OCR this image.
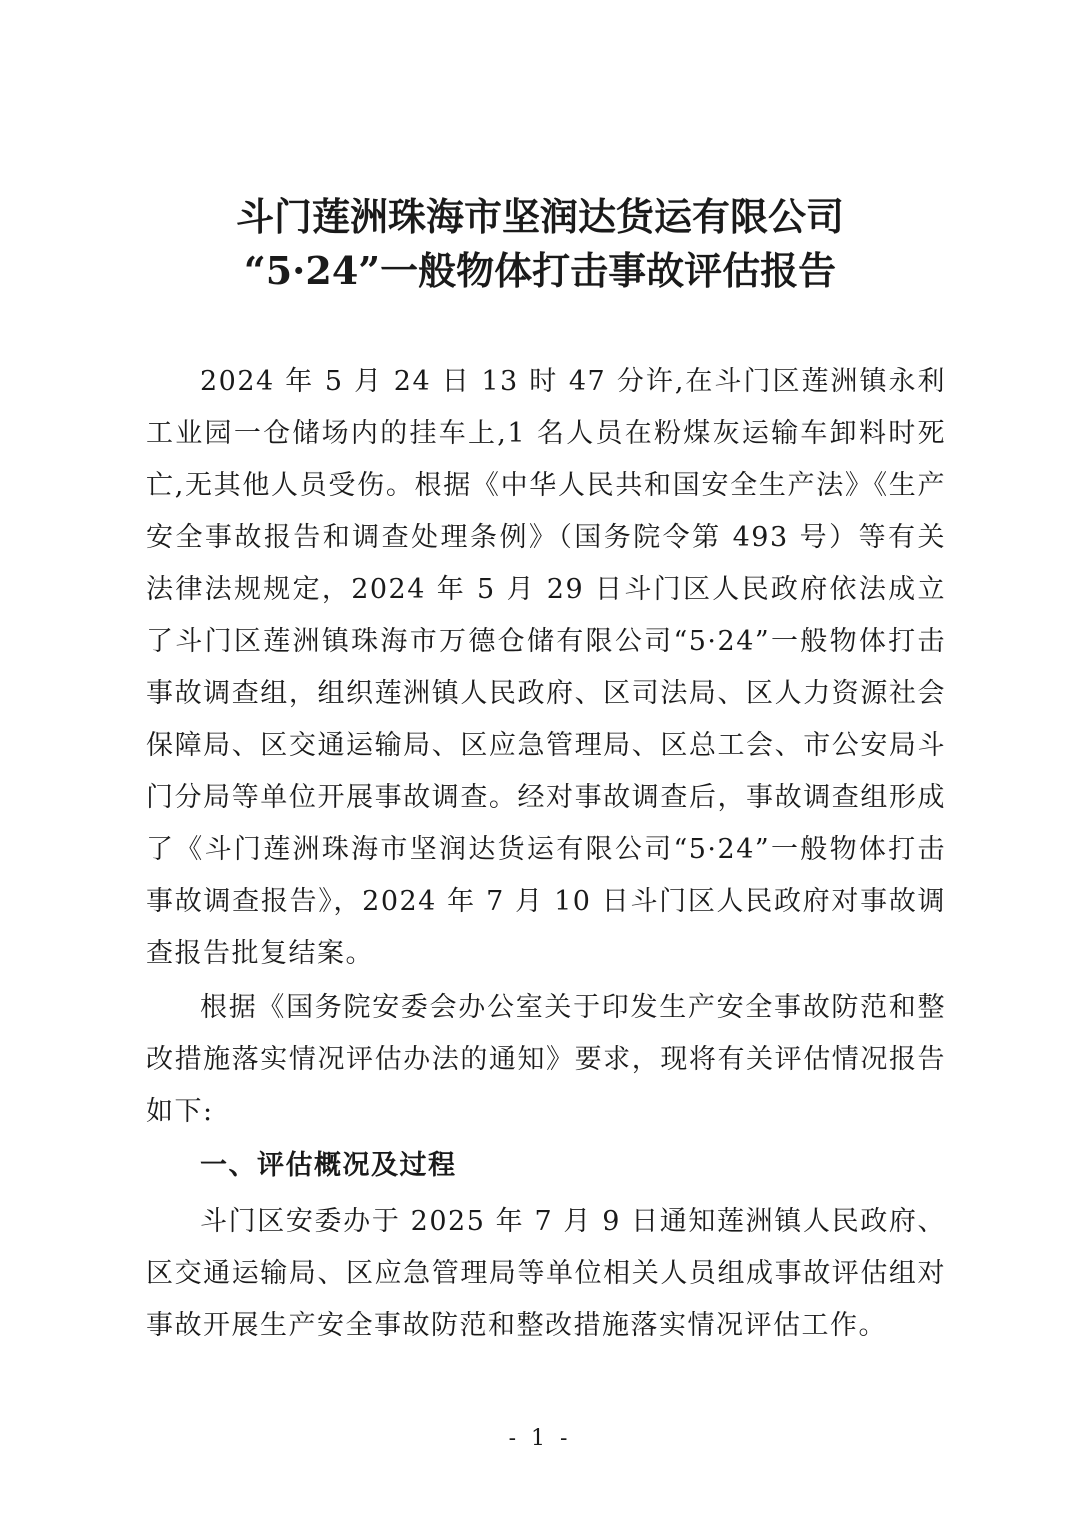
斗门莲洲珠海市坚润达货运有限公司
“5·24”一般物体打击事故评估报告

2024 年 5 月 24 日 13 时 47 分许,在斗门区莲洲镇永利工业园一仓储场内的挂车上,1 名人员在粉煤灰运输车卸料时死亡,无其他人员受伤。根据《中华人民共和国安全生产法》《生产安全事故报告和调查处理条例》（国务院令第 493 号）等有关法律法规规定，2024 年 5 月 29 日斗门区人民政府依法成立了斗门区莲洲镇珠海市万德仓储有限公司“5·24”一般物体打击事故调查组，组织莲洲镇人民政府、区司法局、区人力资源社会保障局、区交通运输局、区应急管理局、区总工会、市公安局斗门分局等单位开展事故调查。经对事故调查后，事故调查组形成了《斗门莲洲珠海市坚润达货运有限公司“5·24”一般物体打击事故调查报告》，2024 年 7 月 10 日斗门区人民政府对事故调查报告批复结案。

根据《国务院安委会办公室关于印发生产安全事故防范和整改措施落实情况评估办法的通知》要求，现将有关评估情况报告如下:

一、评估概况及过程

斗门区安委办于 2025 年 7 月 9 日通知莲洲镇人民政府、区交通运输局、区应急管理局等单位相关人员组成事故评估组对事故开展生产安全事故防范和整改措施落实情况评估工作。

- 1 -
